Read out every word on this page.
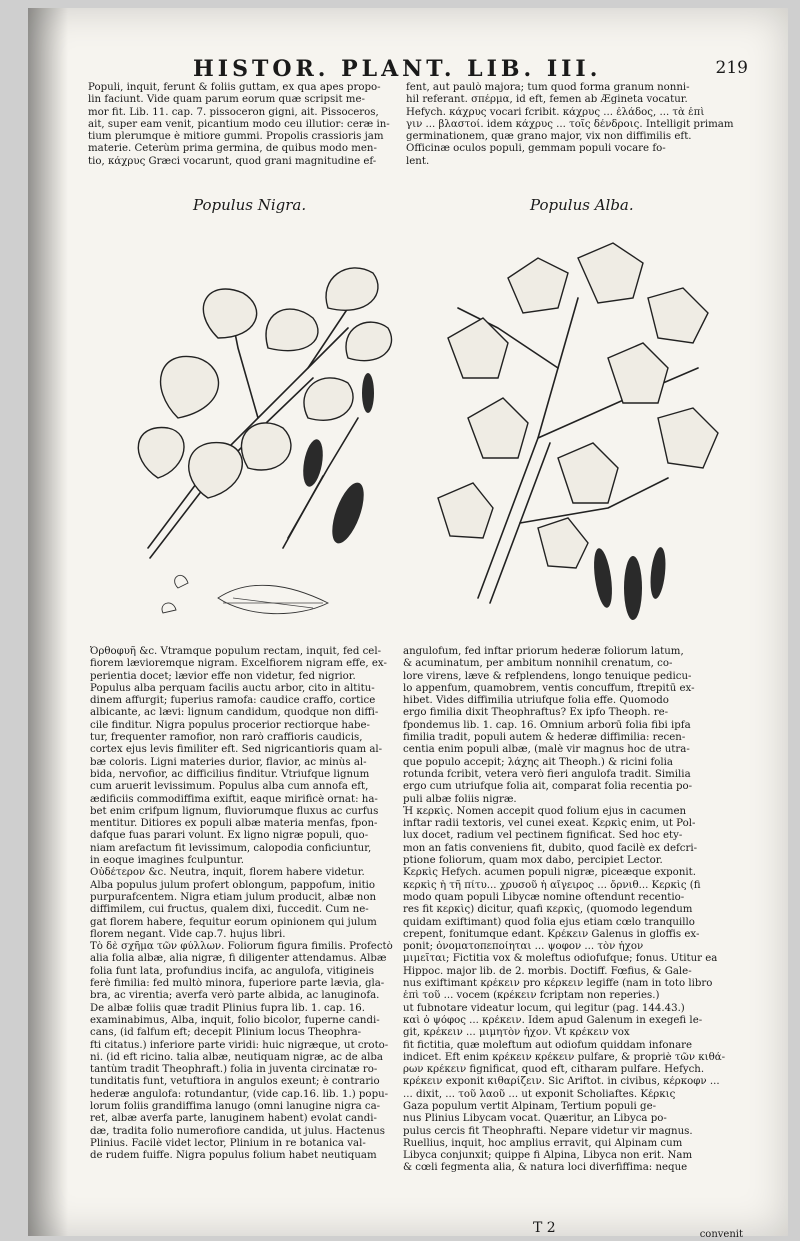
HISTOR. PLANT. LIB. III.	219
Populi, inquit, ferunt & foliis guttam, ex qua apes propo-
lin faciunt. Vide quam parum eorum quæ scripsit me-
mor fit. Lib. 11. cap. 7. pissoceron gigni, ait. Pissoceros,
ait, super eam venit, picantium modo ceu illutior: ceræ in-
tium plerumque è mitiore gummi. Propolis crassioris jam
materie. Ceterùm prima germina, de quibus modo men-
tio, κάχρυς Græci vocarunt, quod grani magnitudine ef-
fent, aut paulò majora; tum quod forma granum nonni-
hil referant. σπέρμα, id eft, femen ab Ægineta vocatur.
Hefych. κάχρυς vocari fcribit. κάχρυς ... ἐλάδος, ... τὰ ἐπὶ
γιν ... βλαστοί. idem κάχρυς ... τοῖς δένδροις. Intelligit primam
germinationem, quæ grano major, vix non diffimilis eft.
Officinæ oculos populi, gemmam populi vocare fo-
lent.
Populus Nigra.	Populus Alba.
Ὀρθοφυῆ &c. Vtramque populum rectam, inquit, fed cel-
fiorem lævioremque nigram. Excelfiorem nigram effe, ex-
perientia docet; lævior effe non videtur, fed nigrior.
Populus alba perquam facilis auctu arbor, cito in altitu-
dinem affurgit; fuperius ramofa: caudice craffo, cortice
albicante, ac lævi: lignum candidum, quodque non diffi-
cile finditur. Nigra populus procerior rectiorque habe-
tur, frequenter ramofior, non rarò craffioris caudicis,
cortex ejus levis fimiliter eft. Sed nigricantioris quam al-
bæ coloris. Ligni materies durior, flavior, ac minùs al-
bida, nervofior, ac difficilius finditur. Vtriufque lignum
cum aruerit levissimum. Populus alba cum annofa eft,
ædificiis commodiffima exiftit, eaque mirificè ornat: ha-
bet enim crifpum lignum, fluviorumque fluxus ac curfus
mentitur. Ditiores ex populi albæ materia menfas, fpon-
dafque fuas parari volunt. Ex ligno nigræ populi, quo-
niam arefactum fit levissimum, calopodia conficiuntur,
in eoque imagines fculpuntur.
Οὐδέτερον &c. Neutra, inquit, florem habere videtur.
Alba populus julum profert oblongum, pappofum, initio
purpurafcentem. Nigra etiam julum producit, albæ non
diffimilem, cui fructus, qualem dixi, fuccedit. Cum ne-
gat florem habere, fequitur eorum opinionem qui julum
florem negant. Vide cap.7. hujus libri.
Τὸ δὲ σχῆμα τῶν φύλλων. Foliorum figura fimilis. Profectò
alia folia albæ, alia nigræ, fi diligenter attendamus. Albæ
folia funt lata, profundius incifa, ac angulofa, vitigineis
ferè fimilia: fed multò minora, fuperiore parte lævia, gla-
bra, ac virentia; averfa verò parte albida, ac lanuginofa.
De albæ foliis quæ tradit Plinius fupra lib. 1. cap. 16.
examinabimus, Alba, inquit, folio bicolor, fuperne candi-
cans, (id falfum eft; decepit Plinium locus Theophra-
fti citatus.) inferiore parte viridi: huic nigræque, ut croto-
ni. (id eft ricino. talia albæ, neutiquam nigræ, ac de alba
tantùm tradit Theophraft.) folia in juventa circinatæ ro-
tunditatis funt, vetuftiora in angulos exeunt; è contrario
hederæ angulofa: rotundantur, (vide cap.16. lib. 1.) popu-
lorum foliis grandiffima lanugo (omni lanugine nigra ca-
ret, albæ averfa parte, lanuginem habent) evolat candi-
dæ, tradita folio numerofiore candida, ut julus. Hactenus
Plinius. Facilè videt lector, Plinium in re botanica val-
de rudem fuiffe. Nigra populus folium habet neutiquam
angulofum, fed inftar priorum hederæ foliorum latum,
& acuminatum, per ambitum nonnihil crenatum, co-
lore virens, læve & refplendens, longo tenuique pedicu-
lo appenfum, quamobrem, ventis concuffum, ftrepitū ex-
hibet. Vides diffimilia utriufque folia effe. Quomodo
ergo fimilia dixit Theophraftus? Ex ipfo Theoph. re-
fpondemus lib. 1. cap. 16. Omnium arborū folia fibi ipfa
fimilia tradit, populi autem & hederæ diffimilia: recen-
centia enim populi albæ, (malè vir magnus hoc de utra-
que populo accepit; λάχης ait Theoph.) & ricini folia
rotunda fcribit, vetera verò fieri angulofa tradit. Similia
ergo cum utriufque folia ait, comparat folia recentia po-
puli albæ foliis nigræ.
Ἡ κερκὶς. Nomen accepit quod folium ejus in cacumen
inftar radii textoris, vel cunei exeat. Κερκὶς enim, ut Pol-
lux docet, radium vel pectinem fignificat. Sed hoc ety-
mon an fatis conveniens fit, dubito, quod facilè ex defcri-
ptione foliorum, quam mox dabo, percipiet Lector.
Κερκὶς Hefych. acumen populi nigræ, piceæque exponit.
κερκὶς ἡ τῆ πίτυ... χρυσοῦ ἡ αἴγειρος ... ὄρνιθ... Κερκὶς (fi
modo quam populi Libycæ nomine oftendunt recentio-
res fit κερκὶς) dicitur, quafi κερκὶς, (quomodo legendum
quidam exiftimant) quod folia ejus etiam cœlo tranquillo
crepent, fonitumque edant. Κρέκειν Galenus in gloffis ex-
ponit; ὀνοματοπεποίηται ... ψοφον ... τὸν ἦχον
μιμεῖται; Fictitia vox & moleftus odiofufque; fonus. Utitur ea
Hippoc. major lib. de 2. morbis. Doctiff. Fœfius, & Gale-
nus exiftimant κρέκειν pro κέρκειν legiffe (nam in toto libro
ἐπὶ τοῦ ... vocem (κρέκειν fcriptam non reperies.)
ut fubnotare videatur locum, qui legitur (pag. 144.43.)
καὶ ὁ ψόφος ... κρέκειν. Idem apud Galenum in exegefi le-
git, κρέκειν ... μιμητὸν ἦχον. Vt κρέκειν vox
fit fictitia, quæ moleftum aut odiofum quiddam infonare
indicet. Eft enim κρέκειν κρέκειν pulfare, & propriè τῶν κιθά-
ρων κρέκειν fignificat, quod eft, citharam pulfare. Hefych.
κρέκειν exponit κιθαρίζειν. Sic Ariftot. in civibus, κέρκοφν ...
... dixit, ... τοῦ λαοῦ ... ut exponit Scholiaftes. Κέρκις
Gaza populum vertit Alpinam, Tertium populi ge-
nus Plinius Libycam vocat. Quæritur, an Libyca po-
pulus cercis fit Theophrafti. Nepare videtur vir magnus.
Ruellius, inquit, hoc amplius erravit, qui Alpinam cum
Libyca conjunxit; quippe fi Alpina, Libyca non erit. Nam
& cœli fegmenta alia, & natura loci diverfiffima: neque
T 2	convenit
